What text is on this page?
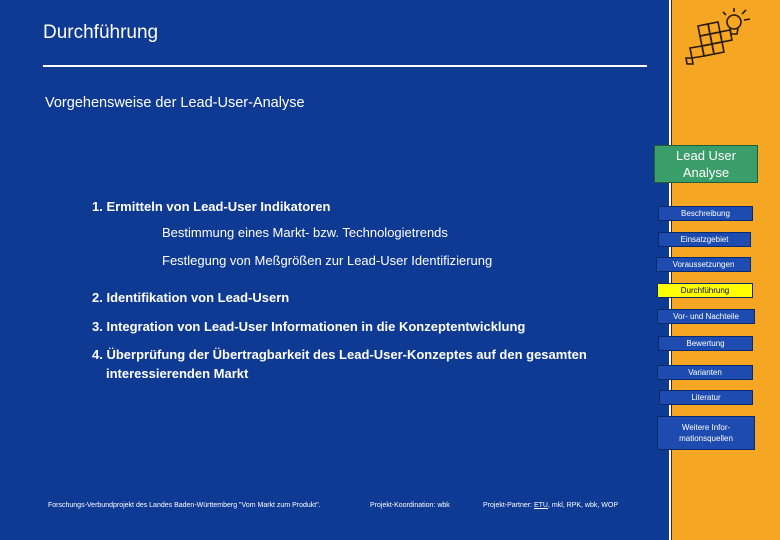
Durchführung
Vorgehensweise der Lead-User-Analyse
1. Ermitteln von Lead-User Indikatoren
Bestimmung eines Markt- bzw. Technologietrends
Festlegung von Meßgrößen zur Lead-User Identifizierung
2. Identifikation von Lead-Usern
3. Integration von Lead-User Informationen in die Konzeptentwicklung
4. Überprüfung der Übertragbarkeit des Lead-User-Konzeptes auf den gesamten
interessierenden Markt
Forschungs-Verbundprojekt des Landes Baden-Württemberg "Vom Markt zum Produkt".	Projekt-Koordination: wbk	Projekt-Partner: ETU, mkl, RPK, wbk, WOP
Lead User
Analyse
Beschreibung
Einsatzgebiet
Voraussetzungen
Durchführung
Vor- und Nachteile
Bewertung
Varianten
Literatur
Weitere Infor-
mationsquellen
